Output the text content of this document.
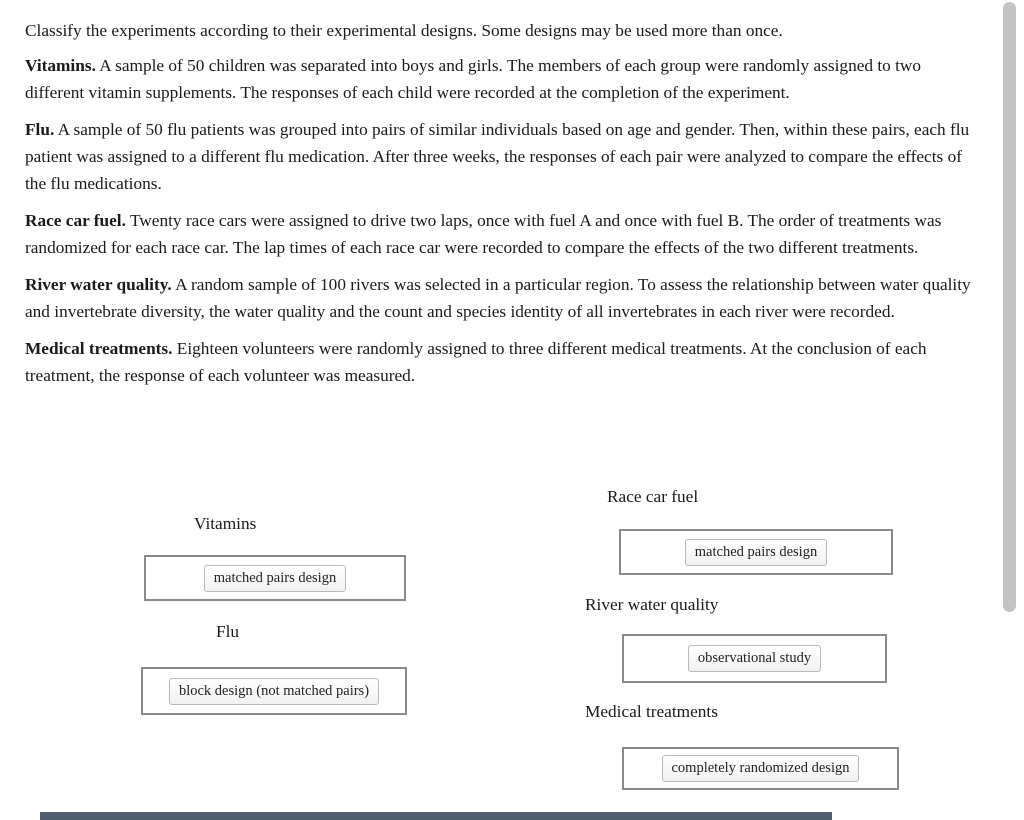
Classify the experiments according to their experimental designs. Some designs may be used more than once.

Vitamins. A sample of 50 children was separated into boys and girls. The members of each group were randomly assigned to two different vitamin supplements. The responses of each child were recorded at the completion of the experiment.

Flu. A sample of 50 flu patients was grouped into pairs of similar individuals based on age and gender. Then, within these pairs, each flu patient was assigned to a different flu medication. After three weeks, the responses of each pair were analyzed to compare the effects of the flu medications.

Race car fuel. Twenty race cars were assigned to drive two laps, once with fuel A and once with fuel B. The order of treatments was randomized for each race car. The lap times of each race car were recorded to compare the effects of the two different treatments.

River water quality. A random sample of 100 rivers was selected in a particular region. To assess the relationship between water quality and invertebrate diversity, the water quality and the count and species identity of all invertebrates in each river were recorded.

Medical treatments. Eighteen volunteers were randomly assigned to three different medical treatments. At the conclusion of each treatment, the response of each volunteer was measured.

Vitamins
matched pairs design
Flu
block design (not matched pairs)
Race car fuel
matched pairs design
River water quality
observational study
Medical treatments
completely randomized design
